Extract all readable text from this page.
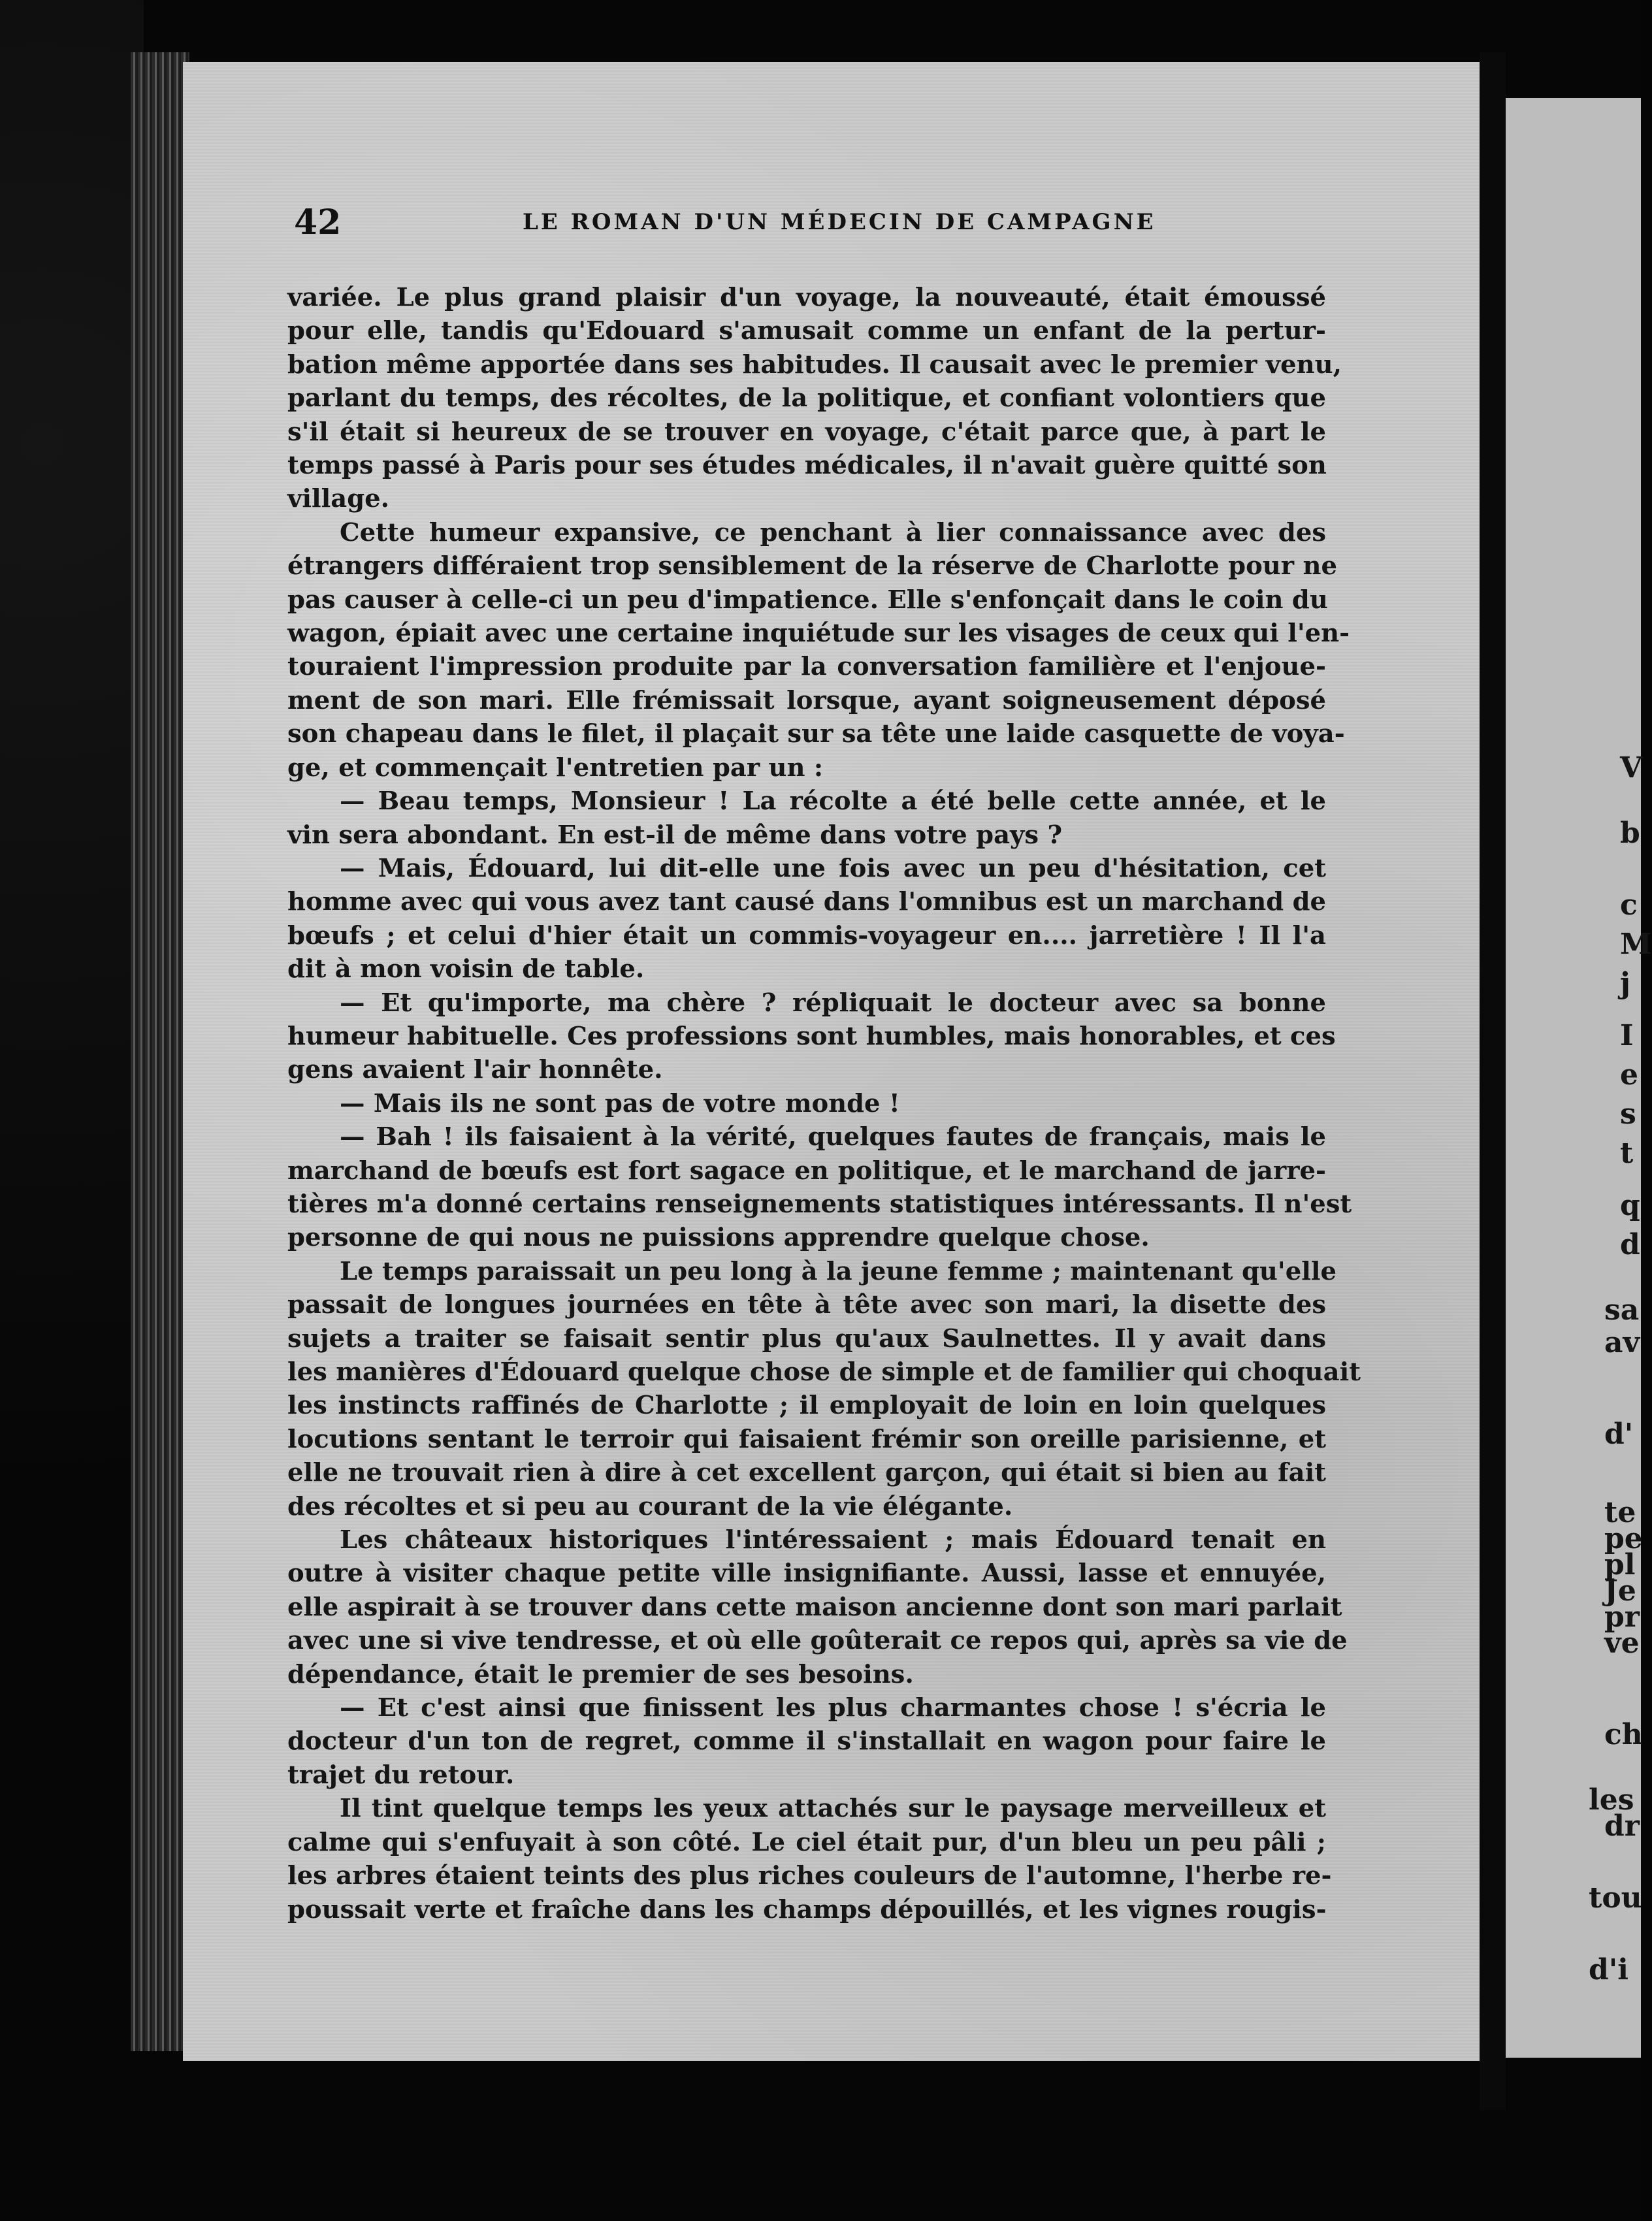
42	LE ROMAN D'UN MÉDECIN DE CAMPAGNE
variée. Le plus grand plaisir d'un voyage, la nouveauté, était émoussé
pour elle, tandis qu'Edouard s'amusait comme un enfant de la pertur-
bation même apportée dans ses habitudes. Il causait avec le premier venu,
parlant du temps, des récoltes, de la politique, et confiant volontiers que
s'il était si heureux de se trouver en voyage, c'était parce que, à part le
temps passé à Paris pour ses études médicales, il n'avait guère quitté son
village.
Cette humeur expansive, ce penchant à lier connaissance avec des
étrangers différaient trop sensiblement de la réserve de Charlotte pour ne
pas causer à celle-ci un peu d'impatience. Elle s'enfonçait dans le coin du
wagon, épiait avec une certaine inquiétude sur les visages de ceux qui l'en-
touraient l'impression produite par la conversation familière et l'enjoue-
ment de son mari. Elle frémissait lorsque, ayant soigneusement déposé
son chapeau dans le filet, il plaçait sur sa tête une laide casquette de voya-
ge, et commençait l'entretien par un :
— Beau temps, Monsieur ! La récolte a été belle cette année, et le
vin sera abondant. En est-il de même dans votre pays ?
— Mais, Édouard, lui dit-elle une fois avec un peu d'hésitation, cet
homme avec qui vous avez tant causé dans l'omnibus est un marchand de
bœufs ; et celui d'hier était un commis-voyageur en.... jarretière ! Il l'a
dit à mon voisin de table.
— Et qu'importe, ma chère ? répliquait le docteur avec sa bonne
humeur habituelle. Ces professions sont humbles, mais honorables, et ces
gens avaient l'air honnête.
— Mais ils ne sont pas de votre monde !
— Bah ! ils faisaient à la vérité, quelques fautes de français, mais le
marchand de bœufs est fort sagace en politique, et le marchand de jarre-
tières m'a donné certains renseignements statistiques intéressants. Il n'est
personne de qui nous ne puissions apprendre quelque chose.
Le temps paraissait un peu long à la jeune femme ; maintenant qu'elle
passait de longues journées en tête à tête avec son mari, la disette des
sujets a traiter se faisait sentir plus qu'aux Saulnettes. Il y avait dans
les manières d'Édouard quelque chose de simple et de familier qui choquait
les instincts raffinés de Charlotte ; il employait de loin en loin quelques
locutions sentant le terroir qui faisaient frémir son oreille parisienne, et
elle ne trouvait rien à dire à cet excellent garçon, qui était si bien au fait
des récoltes et si peu au courant de la vie élégante.
Les châteaux historiques l'intéressaient ; mais Édouard tenait en
outre à visiter chaque petite ville insignifiante. Aussi, lasse et ennuyée,
elle aspirait à se trouver dans cette maison ancienne dont son mari parlait
avec une si vive tendresse, et où elle goûterait ce repos qui, après sa vie de
dépendance, était le premier de ses besoins.
— Et c'est ainsi que finissent les plus charmantes chose ! s'écria le
docteur d'un ton de regret, comme il s'installait en wagon pour faire le
trajet du retour.
Il tint quelque temps les yeux attachés sur le paysage merveilleux et
calme qui s'enfuyait à son côté. Le ciel était pur, d'un bleu un peu pâli ;
les arbres étaient teints des plus riches couleurs de l'automne, l'herbe re-
poussait verte et fraîche dans les champs dépouillés, et les vignes rougis-
V
b
c
M
j
I
e
s
t
q
d
sa
av
d'
te
pe
pl
Je
pr
ve
ch
les
dr
tou
d'i
